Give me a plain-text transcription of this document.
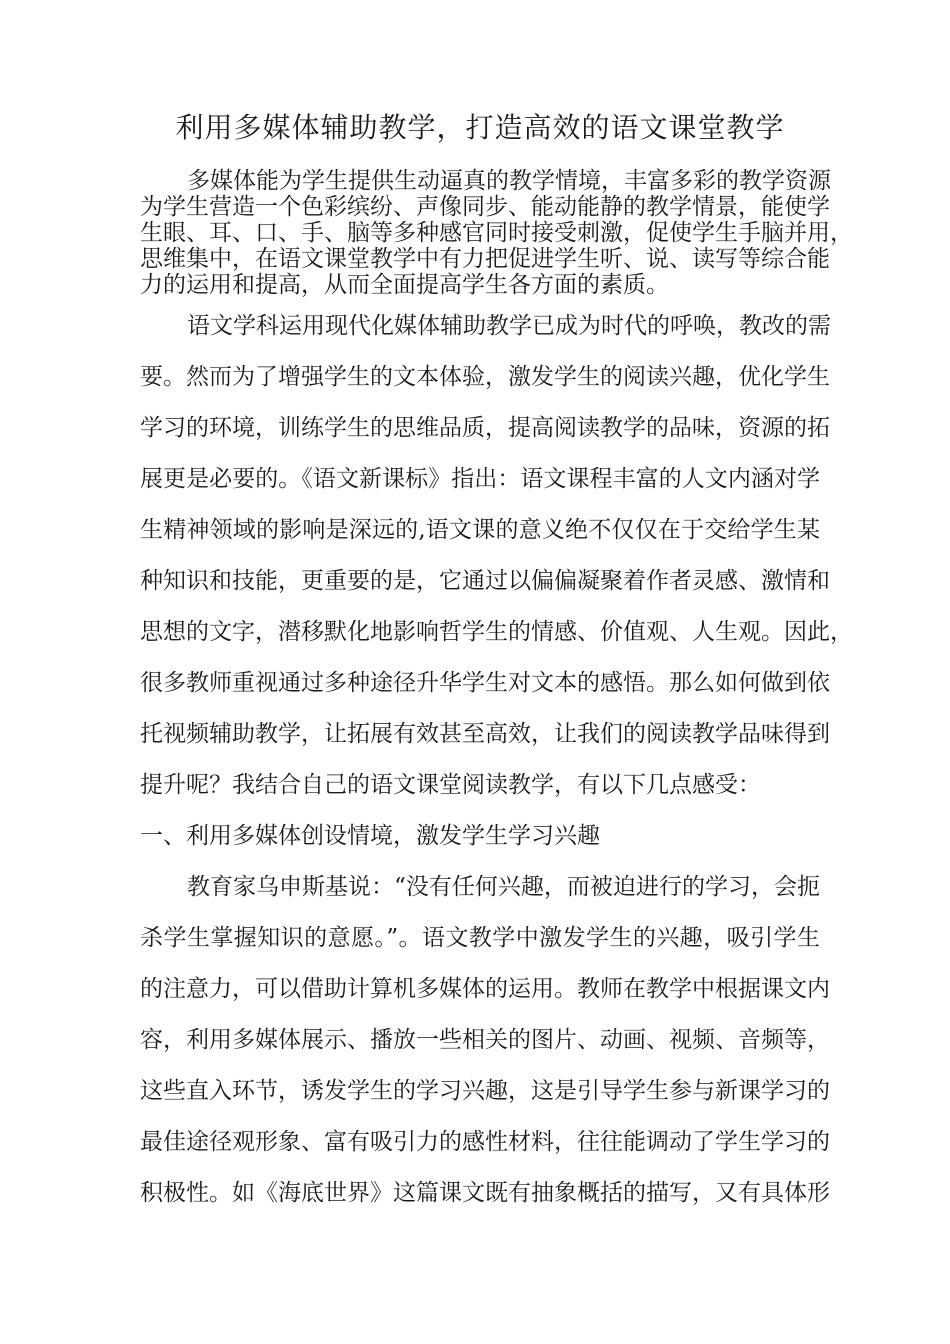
利用多媒体辅助教学，打造高效的语文课堂教学

多媒体能为学生提供生动逼真的教学情境，丰富多彩的教学资源

为学生营造一个色彩缤纷、声像同步、能动能静的教学情景，能使学

生眼、耳、口、手、脑等多种感官同时接受刺激，促使学生手脑并用，

思维集中，在语文课堂教学中有力把促进学生听、说、读写等综合能

力的运用和提高，从而全面提高学生各方面的素质。

语文学科运用现代化媒体辅助教学已成为时代的呼唤，教改的需

要。然而为了增强学生的文本体验，激发学生的阅读兴趣，优化学生

学习的环境，训练学生的思维品质，提高阅读教学的品味，资源的拓

展更是必要的。《语文新课标》指出：语文课程丰富的人文内涵对学

生精神领域的影响是深远的,语文课的意义绝不仅仅在于交给学生某

种知识和技能，更重要的是，它通过以偏偏凝聚着作者灵感、激情和

思想的文字，潜移默化地影响哲学生的情感、价值观、人生观。因此，

很多教师重视通过多种途径升华学生对文本的感悟。那么如何做到依

托视频辅助教学，让拓展有效甚至高效，让我们的阅读教学品味得到

提升呢？我结合自己的语文课堂阅读教学，有以下几点感受：

一、利用多媒体创设情境，激发学生学习兴趣

教育家乌申斯基说：“没有任何兴趣，而被迫进行的学习，会扼

杀学生掌握知识的意愿。”。语文教学中激发学生的兴趣，吸引学生

的注意力，可以借助计算机多媒体的运用。教师在教学中根据课文内

容，利用多媒体展示、播放一些相关的图片、动画、视频、音频等，

这些直入环节，诱发学生的学习兴趣，这是引导学生参与新课学习的

最佳途径观形象、富有吸引力的感性材料，往往能调动了学生学习的

积极性。如《海底世界》这篇课文既有抽象概括的描写，又有具体形
